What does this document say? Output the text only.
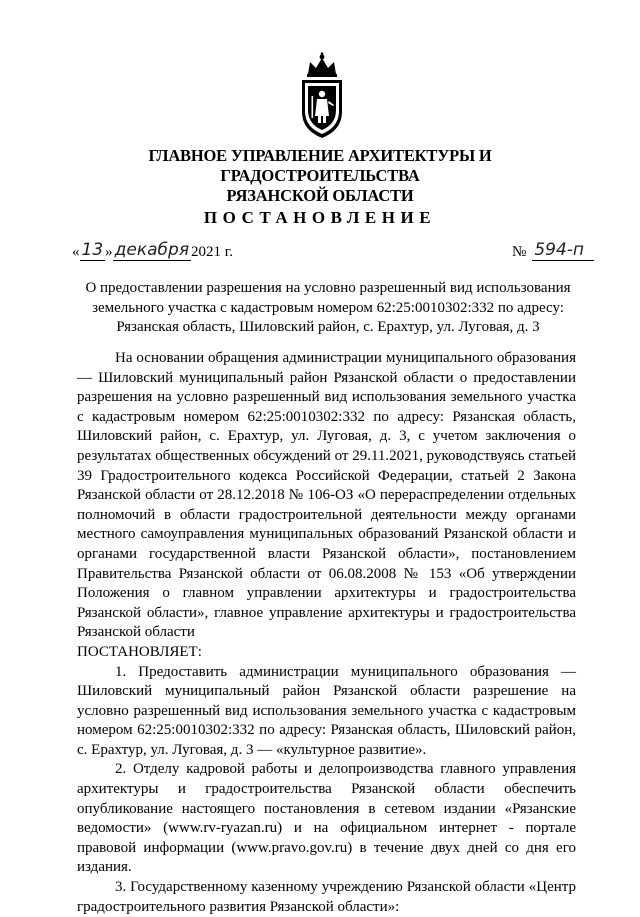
ГЛАВНОЕ УПРАВЛЕНИЕ АРХИТЕКТУРЫ И ГРАДОСТРОИТЕЛЬСТВА
РЯЗАНСКОЙ ОБЛАСТИ
ПОСТАНОВЛЕНИЕ
« 13 » декабря 2021 г.	№ 594-п
О предоставлении разрешения на условно разрешенный вид использования
земельного участка с кадастровым номером 62:25:0010302:332 по адресу:
Рязанская область, Шиловский район, с. Ерахтур, ул. Луговая, д. 3

На основании обращения администрации муниципального образования — Шиловский муниципальный район Рязанской области о предоставлении разрешения на условно разрешенный вид использования земельного участка с кадастровым номером 62:25:0010302:332 по адресу: Рязанская область, Шиловский район, с. Ерахтур, ул. Луговая, д. 3, с учетом заключения о результатах общественных обсуждений от 29.11.2021, руководствуясь статьей 39 Градостроительного кодекса Российской Федерации, статьей 2 Закона Рязанской области от 28.12.2018 № 106-ОЗ «О перераспределении отдельных полномочий в области градостроительной деятельности между органами местного самоуправления муниципальных образований Рязанской области и органами государственной власти Рязанской области», постановлением Правительства Рязанской области от 06.08.2008 № 153 «Об утверждении Положения о главном управлении архитектуры и градостроительства Рязанской области», главное управление архитектуры и градостроительства Рязанской области

ПОСТАНОВЛЯЕТ:

1. Предоставить администрации муниципального образования — Шиловский муниципальный район Рязанской области разрешение на условно разрешенный вид использования земельного участка с кадастровым номером 62:25:0010302:332 по адресу: Рязанская область, Шиловский район, с. Ерахтур, ул. Луговая, д. 3 — «культурное развитие».

2. Отделу кадровой работы и делопроизводства главного управления архитектуры и градостроительства Рязанской области обеспечить опубликование настоящего постановления в сетевом издании «Рязанские ведомости» (www.rv-ryazan.ru) и на официальном интернет - портале правовой информации (www.pravo.gov.ru) в течение двух дней со дня его издания.

3. Государственному казенному учреждению Рязанской области «Центр градостроительного развития Рязанской области»:
